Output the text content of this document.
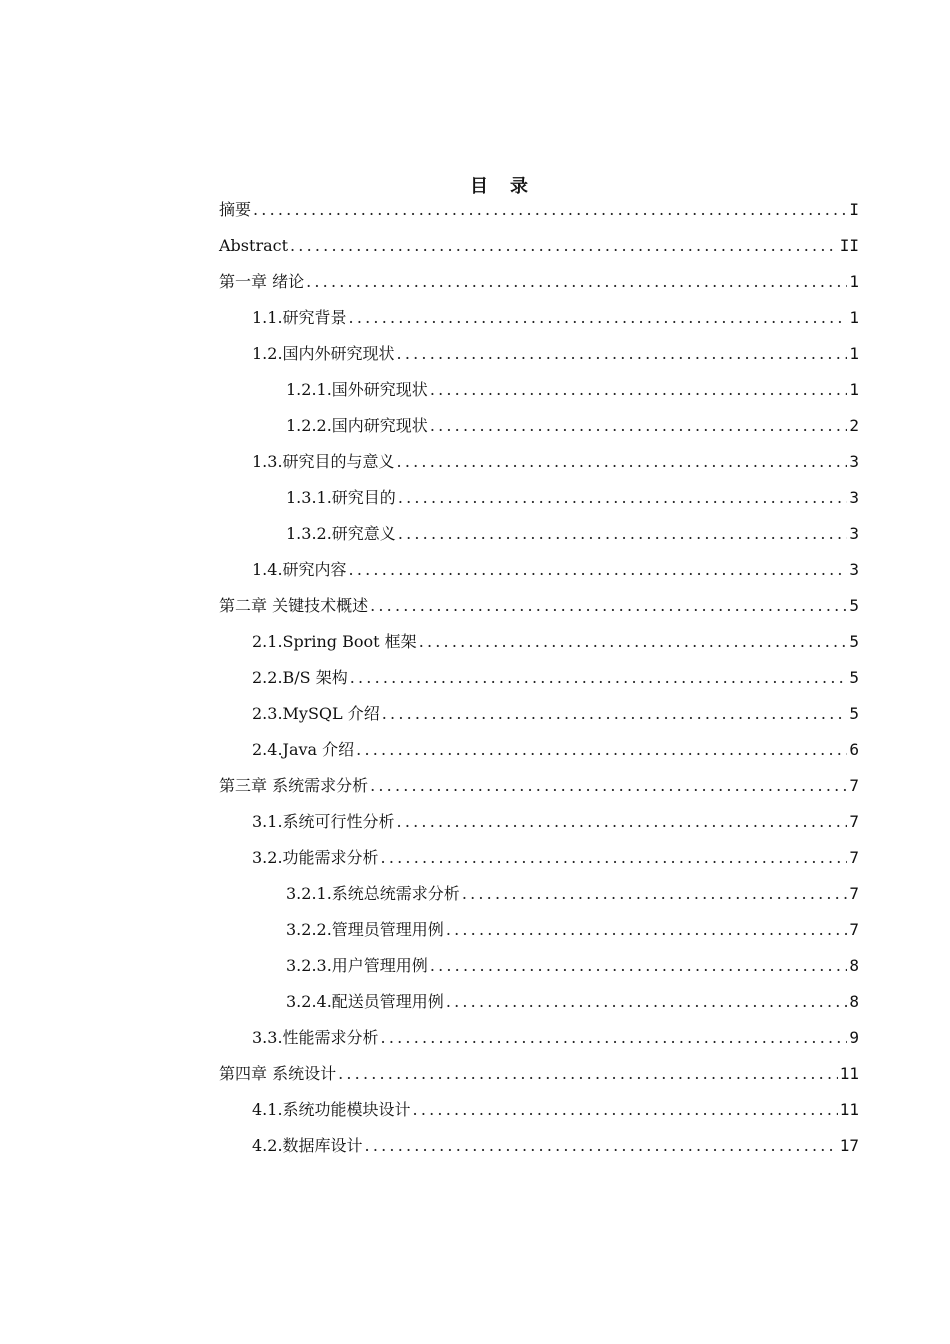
目　录
摘要 .....	I
Abstract .....	II
第一章 绪论 .....	1
1.1.研究背景 .....	1
1.2.国内外研究现状 .....	1
1.2.1.国外研究现状 .....	1
1.2.2.国内研究现状 .....	2
1.3.研究目的与意义 .....	3
1.3.1.研究目的 .....	3
1.3.2.研究意义 .....	3
1.4.研究内容 .....	3
第二章 关键技术概述 .....	5
2.1.Spring Boot 框架 .....	5
2.2.B/S 架构 .....	5
2.3.MySQL 介绍 .....	5
2.4.Java 介绍 .....	6
第三章 系统需求分析 .....	7
3.1.系统可行性分析 .....	7
3.2.功能需求分析 .....	7
3.2.1.系统总统需求分析 .....	7
3.2.2.管理员管理用例 .....	7
3.2.3.用户管理用例 .....	8
3.2.4.配送员管理用例 .....	8
3.3.性能需求分析 .....	9
第四章 系统设计 .....	11
4.1.系统功能模块设计 .....	11
4.2.数据库设计 .....	17
